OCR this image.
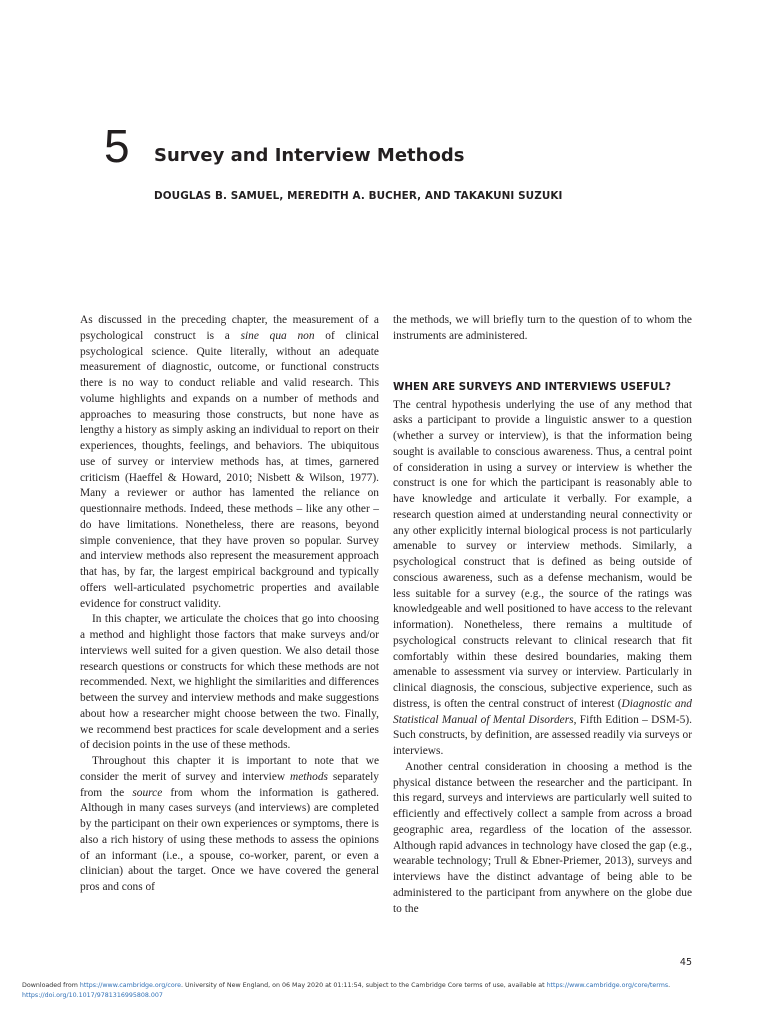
5 Survey and Interview Methods
DOUGLAS B. SAMUEL, MEREDITH A. BUCHER, AND TAKAKUNI SUZUKI

As discussed in the preceding chapter, the measurement of a psychological construct is a sine qua non of clinical psychological science. Quite literally, without an adequate measurement of diagnostic, outcome, or functional constructs there is no way to conduct reliable and valid research. This volume highlights and expands on a number of methods and approaches to measuring those constructs, but none have as lengthy a history as simply asking an individual to report on their experiences, thoughts, feelings, and behaviors. The ubiquitous use of survey or interview methods has, at times, garnered criticism (Haeffel & Howard, 2010; Nisbett & Wilson, 1977). Many a reviewer or author has lamented the reliance on questionnaire methods. Indeed, these methods – like any other – do have limitations. Nonetheless, there are reasons, beyond simple convenience, that they have proven so popular. Survey and interview methods also represent the measurement approach that has, by far, the largest empirical background and typically offers well-articulated psychometric properties and available evidence for construct validity.

In this chapter, we articulate the choices that go into choosing a method and highlight those factors that make surveys and/or interviews well suited for a given question. We also detail those research questions or constructs for which these methods are not recommended. Next, we highlight the similarities and differences between the survey and interview methods and make suggestions about how a researcher might choose between the two. Finally, we recommend best practices for scale development and a series of decision points in the use of these methods.

Throughout this chapter it is important to note that we consider the merit of survey and interview methods separately from the source from whom the information is gathered. Although in many cases surveys (and interviews) are completed by the participant on their own experiences or symptoms, there is also a rich history of using these methods to assess the opinions of an informant (i.e., a spouse, co-worker, parent, or even a clinician) about the target. Once we have covered the general pros and cons of

the methods, we will briefly turn to the question of to whom the instruments are administered.

WHEN ARE SURVEYS AND INTERVIEWS USEFUL?

The central hypothesis underlying the use of any method that asks a participant to provide a linguistic answer to a question (whether a survey or interview), is that the information being sought is available to conscious awareness. Thus, a central point of consideration in using a survey or interview is whether the construct is one for which the participant is reasonably able to have knowledge and articulate it verbally. For example, a research question aimed at understanding neural connectivity or any other explicitly internal biological process is not particularly amenable to survey or interview methods. Similarly, a psychological construct that is defined as being outside of conscious awareness, such as a defense mechanism, would be less suitable for a survey (e.g., the source of the ratings was knowledgeable and well positioned to have access to the relevant information). Nonetheless, there remains a multitude of psychological constructs relevant to clinical research that fit comfortably within these desired boundaries, making them amenable to assessment via survey or interview. Particularly in clinical diagnosis, the conscious, subjective experience, such as distress, is often the central construct of interest (Diagnostic and Statistical Manual of Mental Disorders, Fifth Edition – DSM-5). Such constructs, by definition, are assessed readily via surveys or interviews.

Another central consideration in choosing a method is the physical distance between the researcher and the participant. In this regard, surveys and interviews are particularly well suited to efficiently and effectively collect a sample from across a broad geographic area, regardless of the location of the assessor. Although rapid advances in technology have closed the gap (e.g., wearable technology; Trull & Ebner-Priemer, 2013), surveys and interviews have the distinct advantage of being able to be administered to the participant from anywhere on the globe due to the

45
Downloaded from https://www.cambridge.org/core. University of New England, on 06 May 2020 at 01:11:54, subject to the Cambridge Core terms of use, available at https://www.cambridge.org/core/terms.
https://doi.org/10.1017/9781316995808.007
